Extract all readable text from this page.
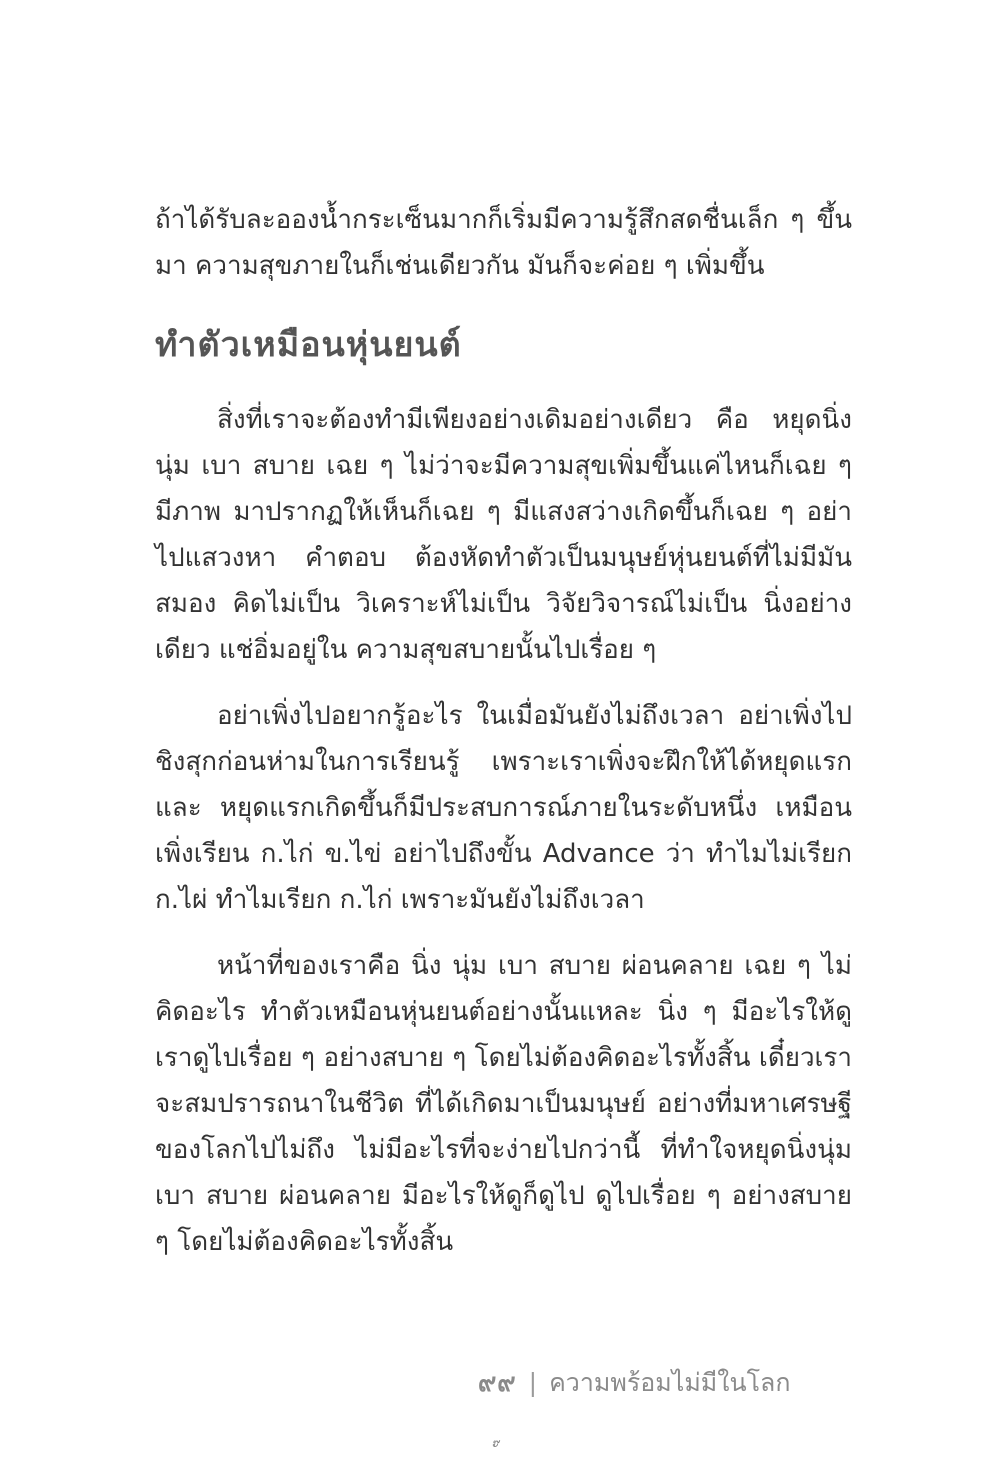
ถ้าได้รับละอองน้ำกระเซ็นมากก็เริ่มมีความรู้สึกสดชื่นเล็ก ๆ ขึ้นมา ความสุขภายในก็เช่นเดียวกัน มันก็จะค่อย ๆ เพิ่มขึ้น

ทำตัวเหมือนหุ่นยนต์

สิ่งที่เราจะต้องทำมีเพียงอย่างเดิมอย่างเดียว คือ หยุดนิ่งนุ่ม เบา สบาย เฉย ๆ ไม่ว่าจะมีความสุขเพิ่มขึ้นแค่ไหนก็เฉย ๆ มีภาพ มาปรากฏให้เห็นก็เฉย ๆ มีแสงสว่างเกิดขึ้นก็เฉย ๆ อย่าไปแสวงหา คำตอบ ต้องหัดทำตัวเป็นมนุษย์หุ่นยนต์ที่ไม่มีมันสมอง คิดไม่เป็น วิเคราะห์ไม่เป็น วิจัยวิจารณ์ไม่เป็น นิ่งอย่างเดียว แช่อิ่มอยู่ใน ความสุขสบายนั้นไปเรื่อย ๆ

อย่าเพิ่งไปอยากรู้อะไร ในเมื่อมันยังไม่ถึงเวลา อย่าเพิ่งไป ชิงสุกก่อนห่ามในการเรียนรู้ เพราะเราเพิ่งจะฝึกให้ได้หยุดแรก และ หยุดแรกเกิดขึ้นก็มีประสบการณ์ภายในระดับหนึ่ง เหมือนเพิ่งเรียน ก.ไก่ ข.ไข่ อย่าไปถึงขั้น Advance ว่า ทำไมไม่เรียก ก.ไผ่ ทำไมเรียก ก.ไก่ เพราะมันยังไม่ถึงเวลา

หน้าที่ของเราคือ นิ่ง นุ่ม เบา สบาย ผ่อนคลาย เฉย ๆ ไม่คิดอะไร ทำตัวเหมือนหุ่นยนต์อย่างนั้นแหละ นิ่ง ๆ มีอะไรให้ดู เราดูไปเรื่อย ๆ อย่างสบาย ๆ โดยไม่ต้องคิดอะไรทั้งสิ้น เดี๋ยวเรา จะสมปรารถนาในชีวิต ที่ได้เกิดมาเป็นมนุษย์ อย่างที่มหาเศรษฐี ของโลกไปไม่ถึง ไม่มีอะไรที่จะง่ายไปกว่านี้ ที่ทำใจหยุดนิ่งนุ่ม เบา สบาย ผ่อนคลาย มีอะไรให้ดูก็ดูไป ดูไปเรื่อย ๆ อย่างสบาย ๆ โดยไม่ต้องคิดอะไรทั้งสิ้น

๙๙ | ความพร้อมไม่มีในโลก
